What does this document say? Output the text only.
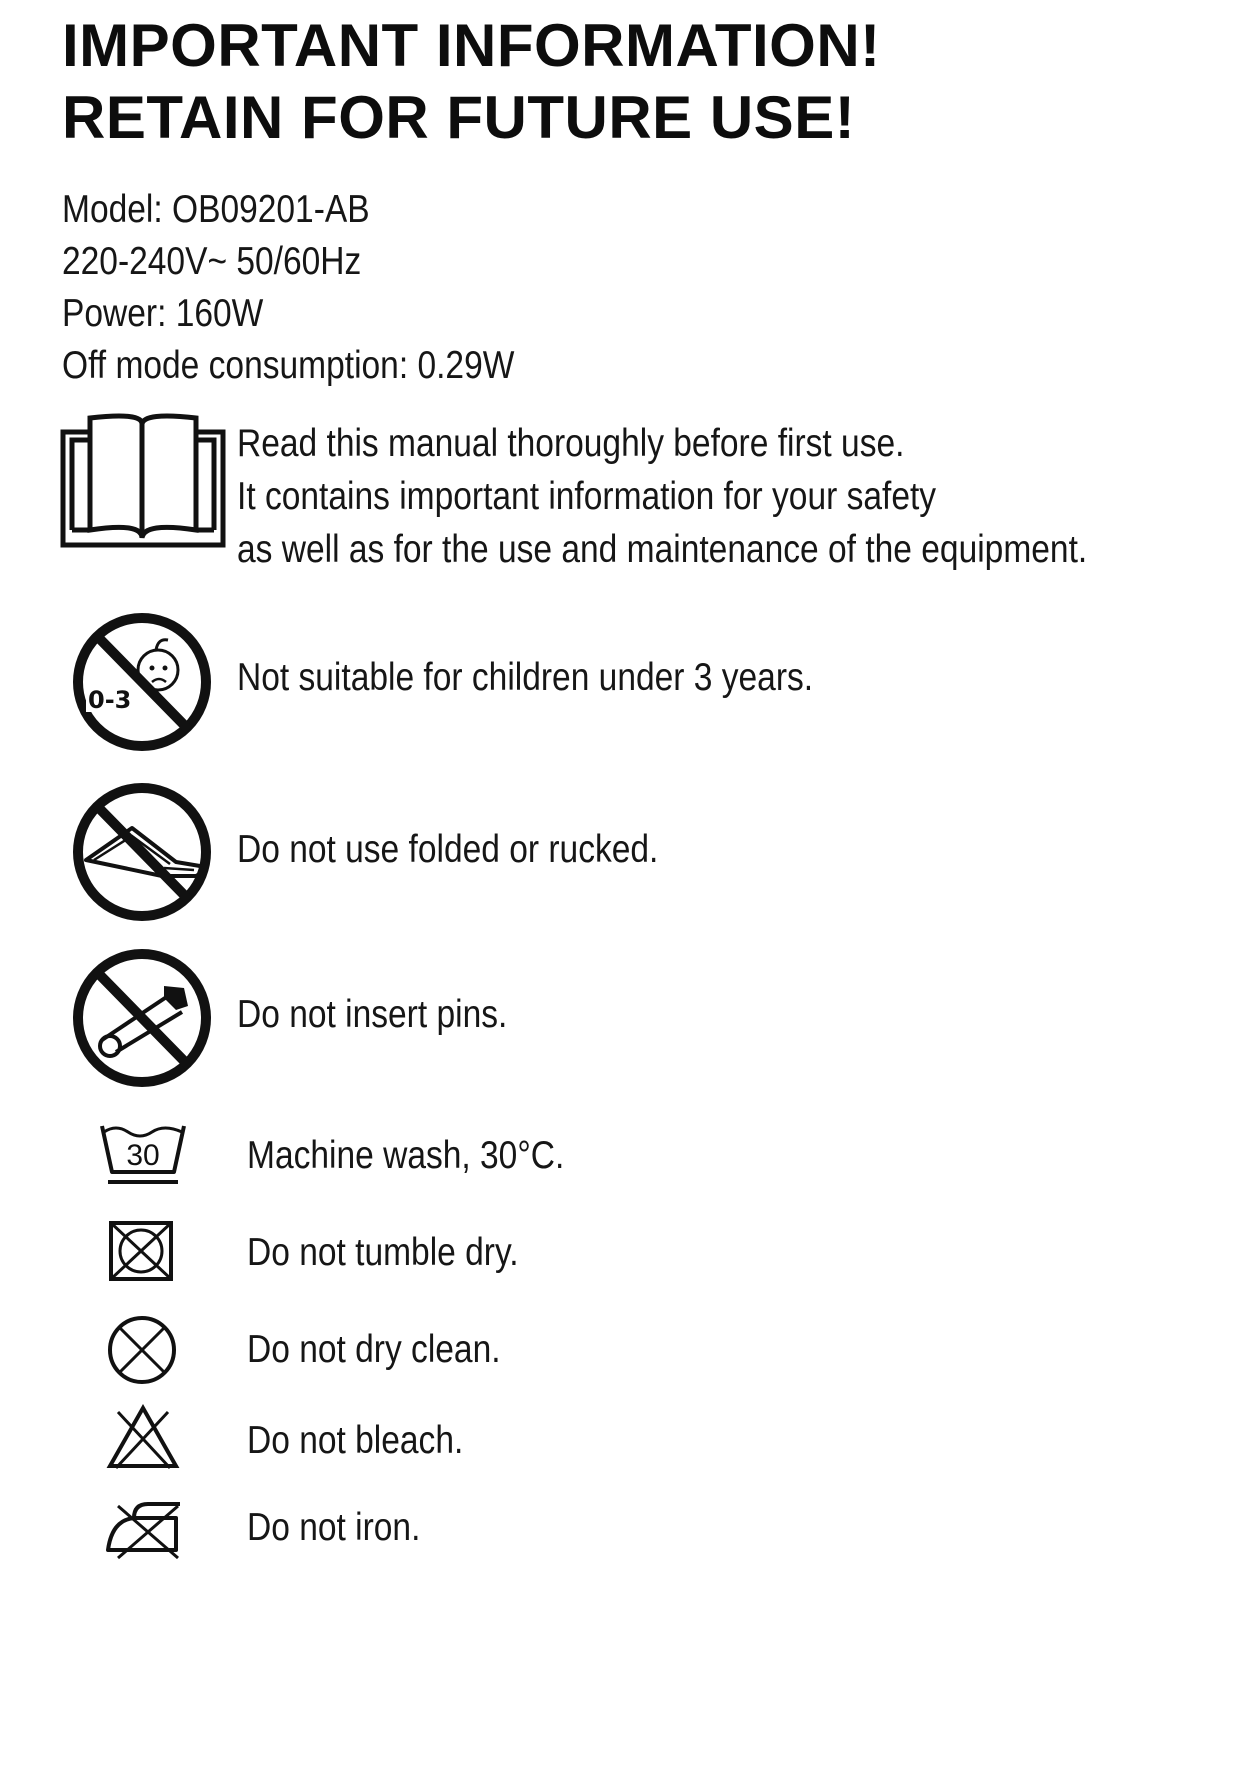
IMPORTANT INFORMATION!
RETAIN FOR FUTURE USE!
Model: OB09201-AB
220-240V~ 50/60Hz
Power: 160W
Off mode consumption: 0.29W
Read this manual thoroughly before first use.
It contains important information for your safety
as well as for the use and maintenance of the equipment.
0-3
Not suitable for children under 3 years.
Do not use folded or rucked.
Do not insert pins.
30 Machine wash, 30°C.
Do not tumble dry.
Do not dry clean.
Do not bleach.
Do not iron.
